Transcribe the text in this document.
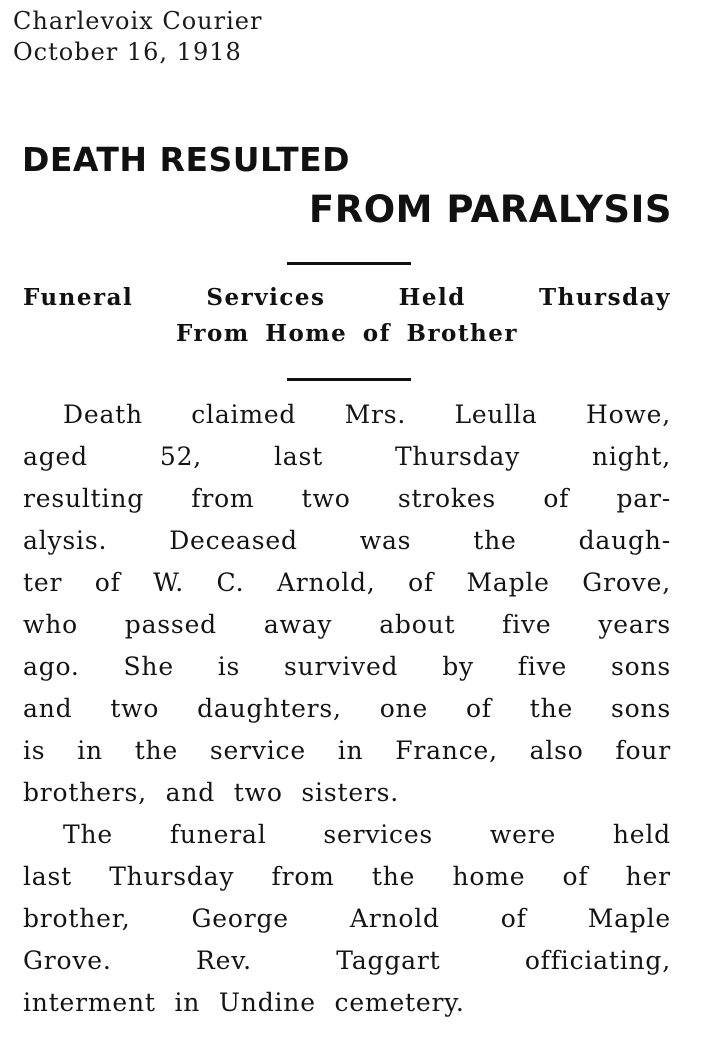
Charlevoix Courier
October 16, 1918
DEATH RESULTED
FROM PARALYSIS
Funeral	Services	Held	Thursday
From Home of Brother
Death claimed Mrs. Leulla Howe,
aged	52,	last	Thursday	night,
resulting from two strokes of par-
alysis. Deceased was the daugh-
ter of W. C. Arnold, of Maple Grove,
who passed away about five years
ago. She is survived by five sons
and two daughters, one of the sons
is in the service in France, also four
brothers, and two sisters.
The funeral services were held
last Thursday from the home of her
brother, George Arnold of Maple
Grove.	Rev.	Taggart	officiating,
interment in Undine cemetery.
